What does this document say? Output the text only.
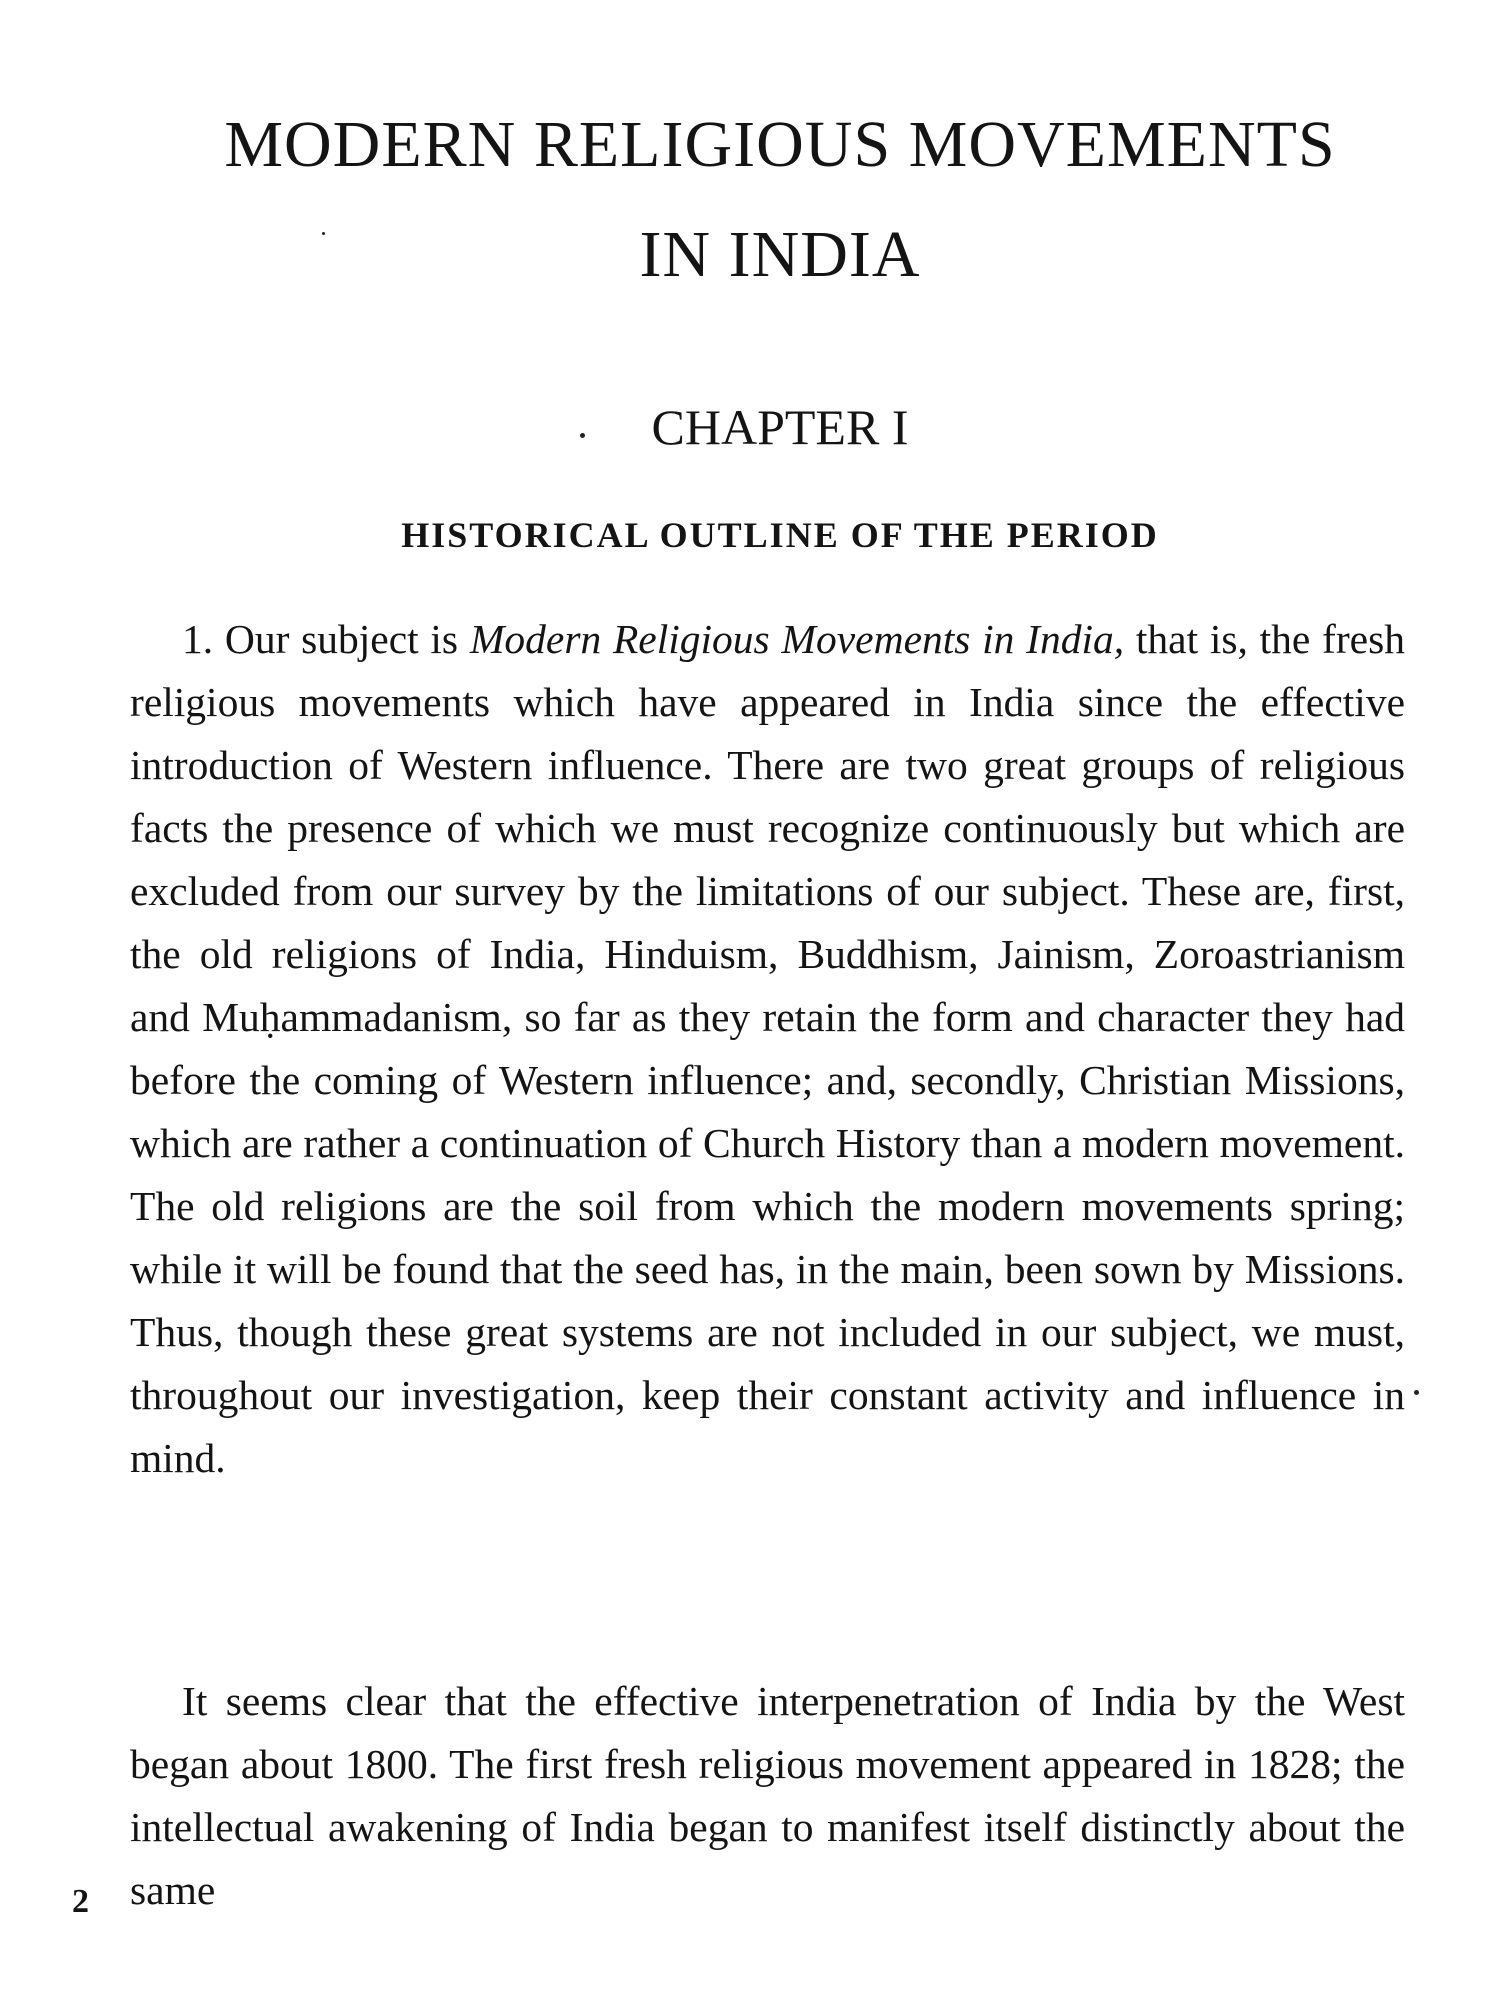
MODERN RELIGIOUS MOVEMENTS
IN INDIA
CHAPTER I
HISTORICAL OUTLINE OF THE PERIOD

1. Our subject is Modern Religious Movements in India, that is, the fresh religious movements which have appeared in India since the effective introduction of Western influence. There are two great groups of religious facts the presence of which we must recognize continuously but which are excluded from our survey by the limitations of our subject. These are, first, the old religions of India, Hinduism, Buddhism, Jainism, Zoroastrianism and Muḥammadanism, so far as they retain the form and character they had before the coming of Western influence; and, secondly, Christian Missions, which are rather a continuation of Church History than a modern movement. The old religions are the soil from which the modern movements spring; while it will be found that the seed has, in the main, been sown by Missions. Thus, though these great systems are not included in our subject, we must, throughout our investigation, keep their constant activity and influence in mind.

It seems clear that the effective interpenetration of India by the West began about 1800. The first fresh religious movement appeared in 1828; the intellectual awakening of India began to manifest itself distinctly about the same

2
